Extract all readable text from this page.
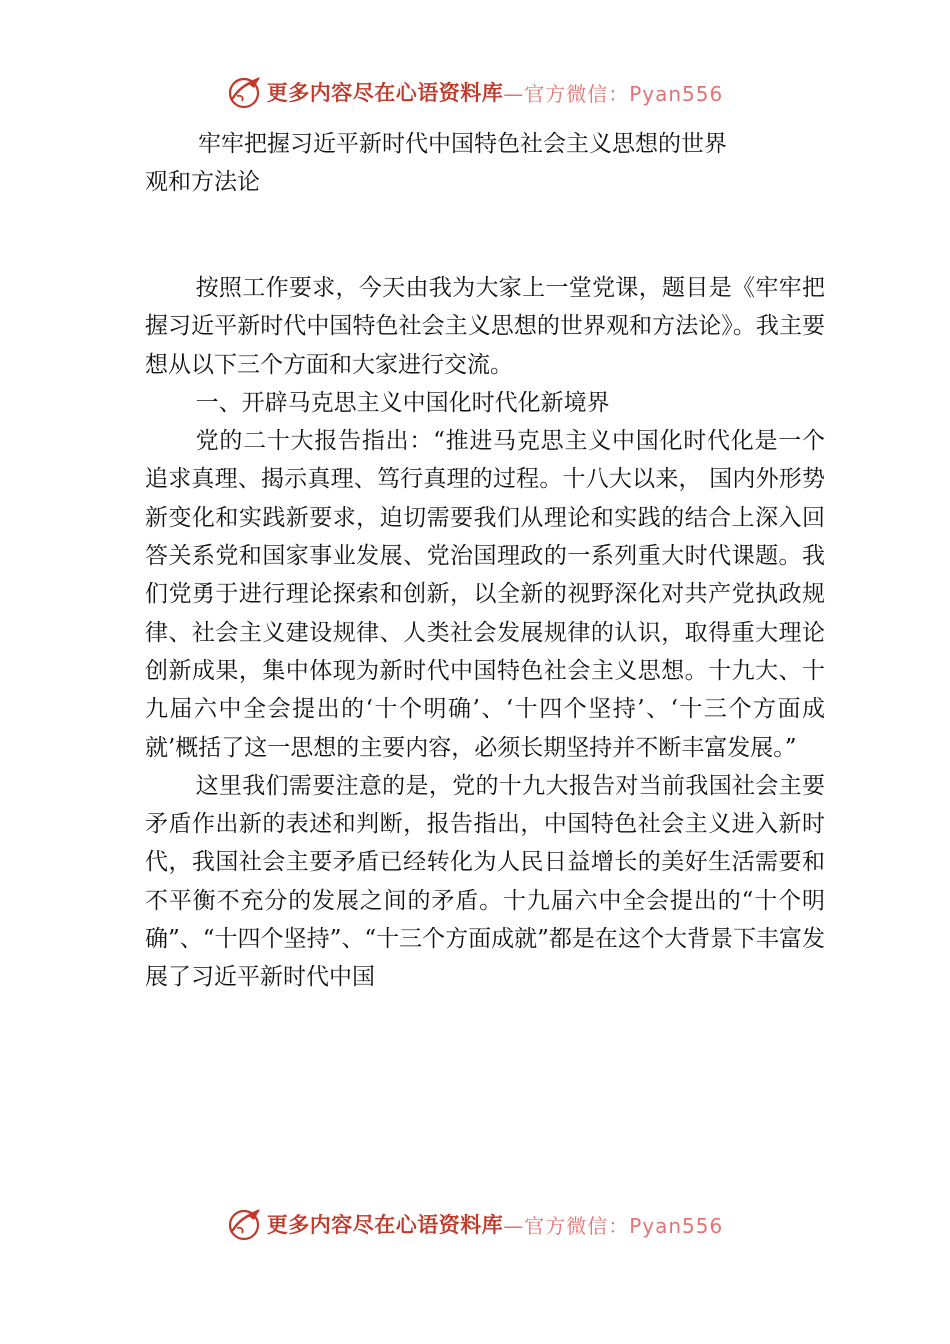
更多内容尽在心语资料库 —官方微信：Pyan556
牢牢把握习近平新时代中国特色社会主义思想的世界
观和方法论

按照工作要求，今天由我为大家上一堂党课，题目是《牢牢把握习近平新时代中国特色社会主义思想的世界观和方法论》。我主要想从以下三个方面和大家进行交流。

一、开辟马克思主义中国化时代化新境界

党的二十大报告指出：“推进马克思主义中国化时代化是一个追求真理、揭示真理、笃行真理的过程。十八大以来， 国内外形势新变化和实践新要求，迫切需要我们从理论和实践的结合上深入回答关系党和国家事业发展、党治国理政的一系列重大时代课题。我们党勇于进行理论探索和创新，以全新的视野深化对共产党执政规律、社会主义建设规律、人类社会发展规律的认识，取得重大理论创新成果，集中体现为新时代中国特色社会主义思想。十九大、十九届六中全会提出的‘十个明确’、‘十四个坚持’、‘十三个方面成就’概括了这一思想的主要内容，必须长期坚持并不断丰富发展。”

这里我们需要注意的是，党的十九大报告对当前我国社会主要矛盾作出新的表述和判断，报告指出，中国特色社会主义进入新时代，我国社会主要矛盾已经转化为人民日益增长的美好生活需要和不平衡不充分的发展之间的矛盾。十九届六中全会提出的“十个明确”、“十四个坚持”、“十三个方面成就”都是在这个大背景下丰富发展了习近平新时代中国

更多内容尽在心语资料库 —官方微信：Pyan556
